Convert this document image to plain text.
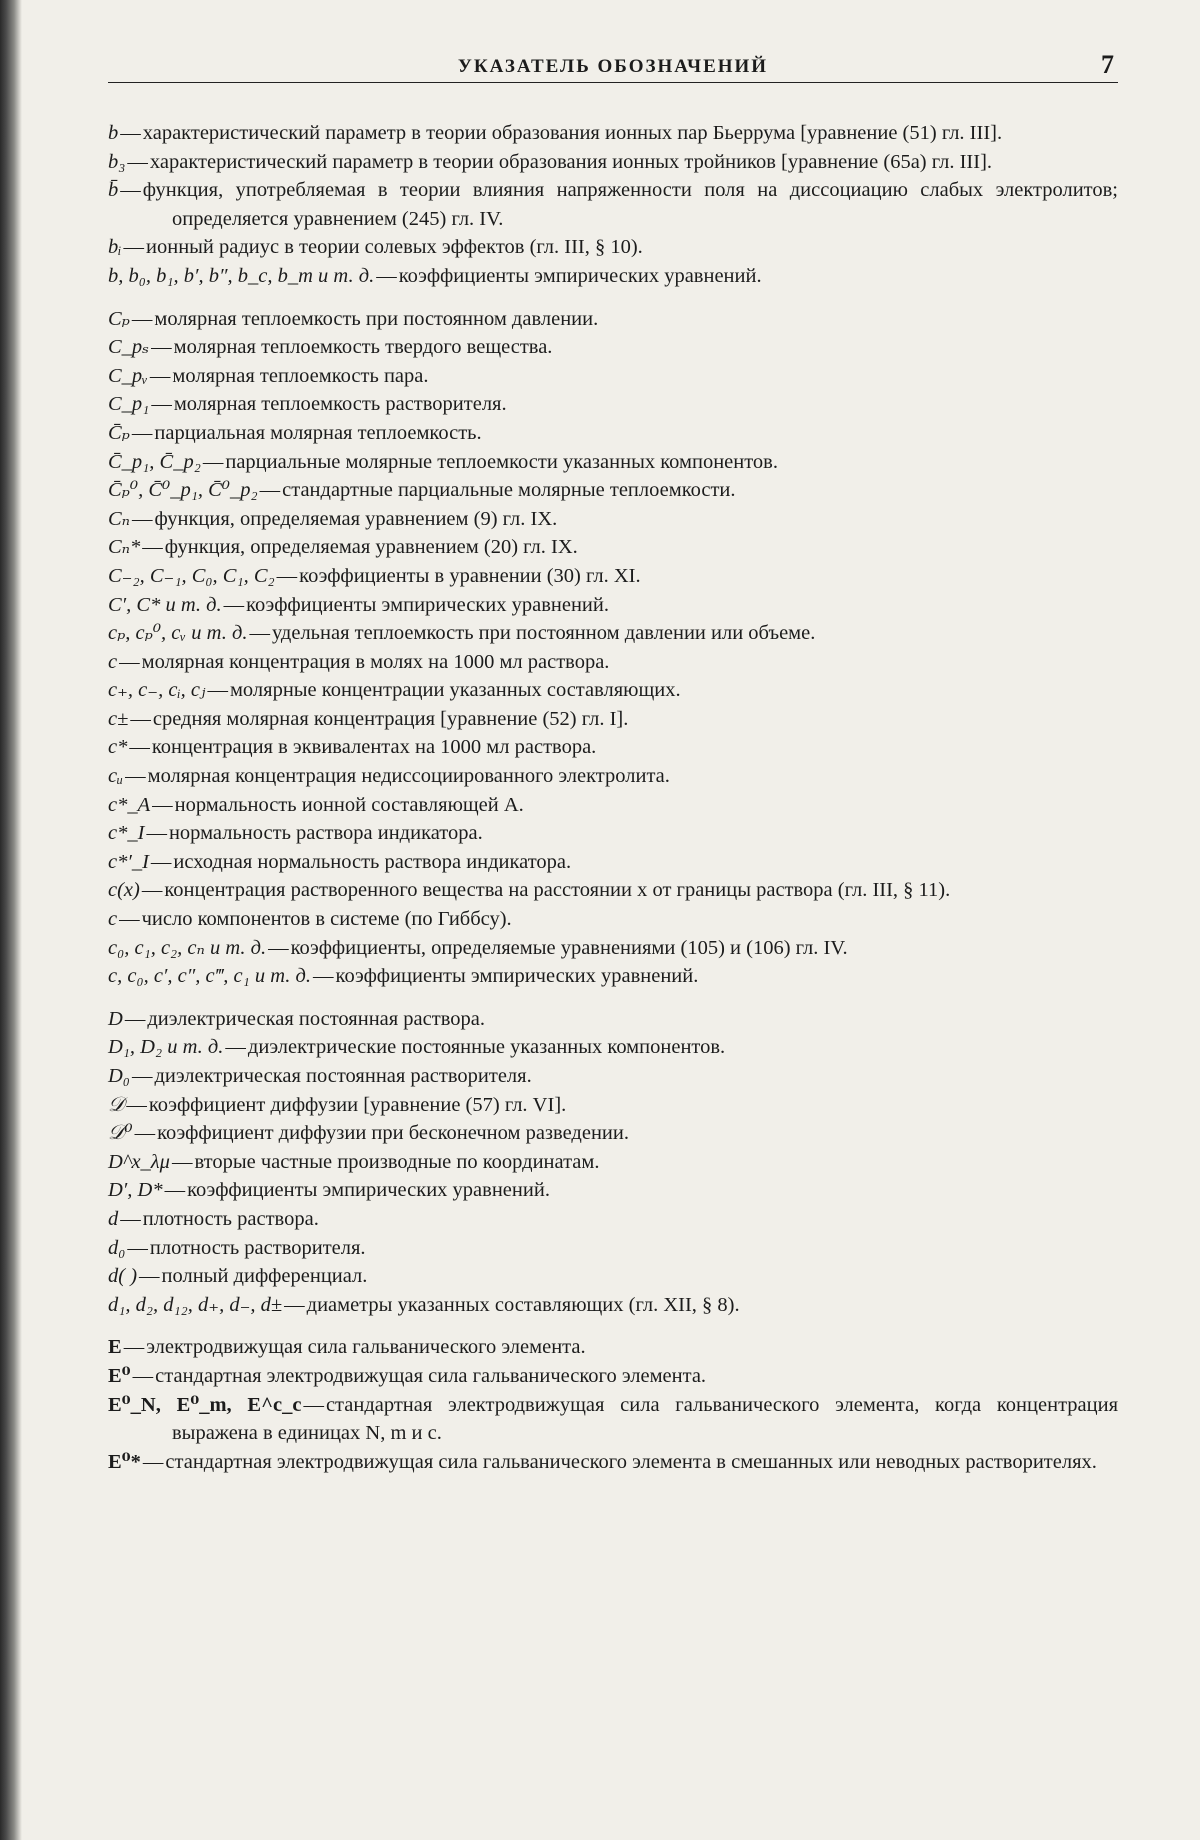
УКАЗАТЕЛЬ ОБОЗНАЧЕНИЙ	7
b—характеристический параметр в теории образования ионных пар Бьеррума [уравнение (51) гл. III].
b₃—характеристический параметр в теории образования ионных тройников [уравнение (65а) гл. III].
b̄—функция, употребляемая в теории влияния напряженности поля на диссоциацию слабых электролитов; определяется уравнением (245) гл. IV.
bᵢ—ионный радиус в теории солевых эффектов (гл. III, § 10).
b, b₀, b₁, b′, b″, b_c, b_m и т. д.—коэффициенты эмпирических уравнений.
Cₚ—молярная теплоемкость при постоянном давлении.
C_pₛ—молярная теплоемкость твердого вещества.
C_pᵥ—молярная теплоемкость пара.
C_p₁—молярная теплоемкость растворителя.
C̄ₚ—парциальная молярная теплоемкость.
C̄_p₁, C̄_p₂—парциальные молярные теплоемкости указанных компонентов.
C̄ₚ⁰, C̄⁰_p₁, C̄⁰_p₂—стандартные парциальные молярные теплоемкости.
Cₙ—функция, определяемая уравнением (9) гл. IX.
Cₙ*—функция, определяемая уравнением (20) гл. IX.
C₋₂, C₋₁, C₀, C₁, C₂—коэффициенты в уравнении (30) гл. XI.
C′, C* и т. д.—коэффициенты эмпирических уравнений.
cₚ, cₚ⁰, cᵥ и т. д.—удельная теплоемкость при постоянном давлении или объеме.
c—молярная концентрация в молях на 1000 мл раствора.
c₊, c₋, cᵢ, cⱼ—молярные концентрации указанных составляющих.
c±—средняя молярная концентрация [уравнение (52) гл. I].
c*—концентрация в эквивалентах на 1000 мл раствора.
cᵤ—молярная концентрация недиссоциированного электролита.
c*_A—нормальность ионной составляющей A.
c*_I—нормальность раствора индикатора.
c*′_I—исходная нормальность раствора индикатора.
c(x)—концентрация растворенного вещества на расстоянии x от границы раствора (гл. III, § 11).
c—число компонентов в системе (по Гиббсу).
c₀, c₁, c₂, cₙ и т. д.—коэффициенты, определяемые уравнениями (105) и (106) гл. IV.
c, c₀, c′, c″, c‴, c₁ и т. д.—коэффициенты эмпирических уравнений.
D—диэлектрическая постоянная раствора.
D₁, D₂ и т. д.—диэлектрические постоянные указанных компонентов.
D₀—диэлектрическая постоянная растворителя.
𝒟—коэффициент диффузии [уравнение (57) гл. VI].
𝒟⁰—коэффициент диффузии при бесконечном разведении.
D^x_λμ—вторые частные производные по координатам.
D′, D*—коэффициенты эмпирических уравнений.
d—плотность раствора.
d₀—плотность растворителя.
d( )—полный дифференциал.
d₁, d₂, d₁₂, d₊, d₋, d±—диаметры указанных составляющих (гл. XII, § 8).
E—электродвижущая сила гальванического элемента.
E⁰—стандартная электродвижущая сила гальванического элемента.
E⁰_N, E⁰_m, E^c_c—стандартная электродвижущая сила гальванического элемента, когда концентрация выражена в единицах N, m и c.
E⁰*—стандартная электродвижущая сила гальванического элемента в смешанных или неводных растворителях.
